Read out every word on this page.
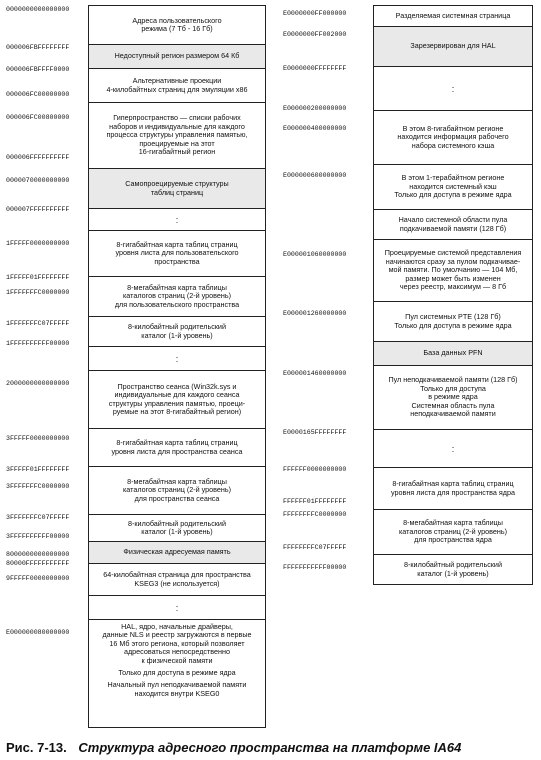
0000000000000000
000006FBFFFFFFFF
000006FBFFFF0000
000006FC00000000
000006FC00800000
000006FFFFFFFFFF
0000070000000000
000007FFFFFFFFFF
1FFFFF0000000000
1FFFFF01FFFFFFFF
1FFFFFFFC0000000
1FFFFFFFC07FFFFF
1FFFFFFFFFF00000
2000000000000000
3FFFFF0000000000
3FFFFF01FFFFFFFF
3FFFFFFFC0000000
3FFFFFFFC07FFFFF
3FFFFFFFFFF00000
8000000000000000
80000FFFFFFFFFFF
9FFFFF0000000000
E000000080000000
Адреса пользовательского
режима (7 Тб - 16 Гб)
Недоступный регион размером 64 Кб
Альтернативные проекции
4-килобайтных страниц для эмуляции x86
Гиперпространство — списки рабочих
наборов и индивидуальные для каждого
процесса структуры управления памятью,
проецируемые на этот
16-гигабайтный регион
Самопроецируемые структуры
таблиц страниц
:
8-гигабайтная карта таблиц страниц
уровня листа для пользовательского
пространства
8-мегабайтная карта таблицы
каталогов страниц (2-й уровень)
для пользовательского пространства
8-килобайтный родительский
каталог (1-й уровень)
:
Пространство сеанса (Win32k.sys и
индивидуальные для каждого сеанса
структуры управления памятью, проеци-
руемые на этот 8-гигабайтный регион)
8-гигабайтная карта таблиц страниц
уровня листа для пространства сеанса
8-мегабайтная карта таблицы
каталогов страниц (2-й уровень)
для пространства сеанса
8-килобайтный родительский
каталог (1-й уровень)
Физическая адресуемая память
64-килобайтная страница для пространства
KSEG3 (не используется)
:
HAL, ядро, начальные драйверы,
данные NLS и реестр загружаются в первые
16 Мб этого региона, который позволяет
адресоваться непосредственно
к физической памяти
Только для доступа в режиме ядра
Начальный пул неподкачиваемой памяти
находится внутри KSEG0
E0000000FF000000
E0000000FF002000
E0000000FFFFFFFF
E000000200000000
E000000400000000
E000000600000000
E000001060000000
E000001260000000
E000001460000000
E0000165FFFFFFFF
FFFFFF0000000000
FFFFFF01FFFFFFFF
FFFFFFFFC0000000
FFFFFFFFC07FFFFF
FFFFFFFFFFF00000
Разделяемая системная страница
Зарезервирован для HAL
:
В этом 8-гигабайтном регионе
находится информация рабочего
набора системного кэша
В этом 1-терабайтном регионе
находится системный кэш
Только для доступа в режиме ядра
Начало системной области пула
подкачиваемой памяти (128 Гб)
Проецируемые системой представления
начинаются сразу за пулом подкачивае-
мой памяти. По умолчанию — 104 Мб,
размер может быть изменен
через реестр, максимум — 8 Гб
Пул системных PTE (128 Гб)
Только для доступа в режиме ядра
База данных PFN
Пул неподкачиваемой памяти (128 Гб)
Только для доступа
в режиме ядра
Системная область пула
неподкачиваемой памяти
:
8-гигабайтная карта таблиц страниц
уровня листа для пространства ядра
8-мегабайтная карта таблицы
каталогов страниц (2-й уровень)
для пространства ядра
8-килобайтный родительский
каталог (1-й уровень)
Рис. 7-13. Структура адресного пространства на платформе IA64
